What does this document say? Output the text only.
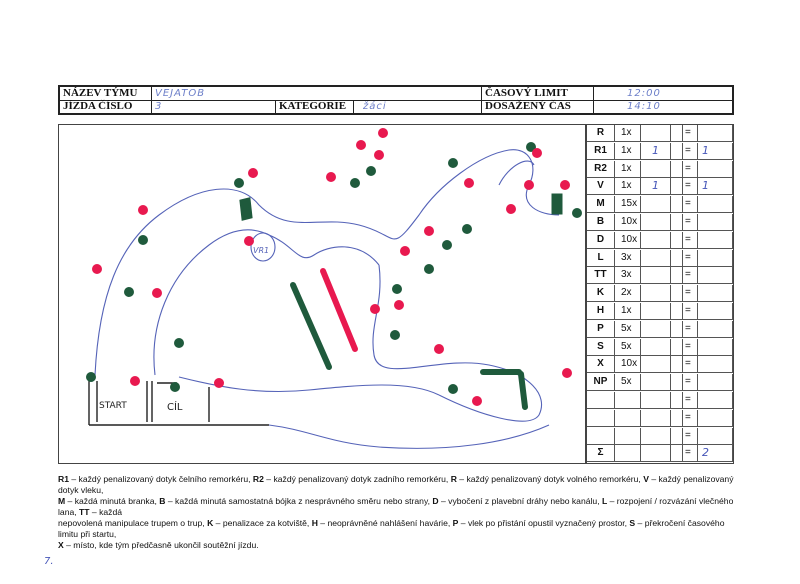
NÁZEV TÝMU	VEJATOB	ČASOVÝ LIMIT	12:00
JÍZDA ČÍSLO	3	KATEGORIE	žáci	DOSAŽENÝ ČAS	14:10
START	CÍL
VR1
R	1x	=
R1	1x	1	=	1
R2	1x	=
V	1x	1	=	1
M	15x	=
B	10x	=
D	10x	=
L	3x	=
TT	3x	=
K	2x	=
H	1x	=
P	5x	=
S	5x	=
X	10x	=
NP	5x	=
=
=
=
Σ	=	2
R1 – každý penalizovaný dotyk čelního remorkéru, R2 – každý penalizovaný dotyk zadního remorkéru, R – každý penalizovaný dotyk volného remorkéru, V – každý penalizovaný dotyk vleku,
M – každá minutá branka, B – každá minutá samostatná bójka z nesprávného směru nebo strany, D – vybočení z plavební dráhy nebo kanálu, L – rozpojení / rozvázání vlečného lana, TT – každá
nepovolená manipulace trupem o trup, K – penalizace za kotviště, H – neoprávněné nahlášení havárie, P – vlek po přistání opustil vyznačený prostor, S – překročení časového limitu při startu,
X – místo, kde tým předčasně ukončil soutěžní jízdu.
7.
